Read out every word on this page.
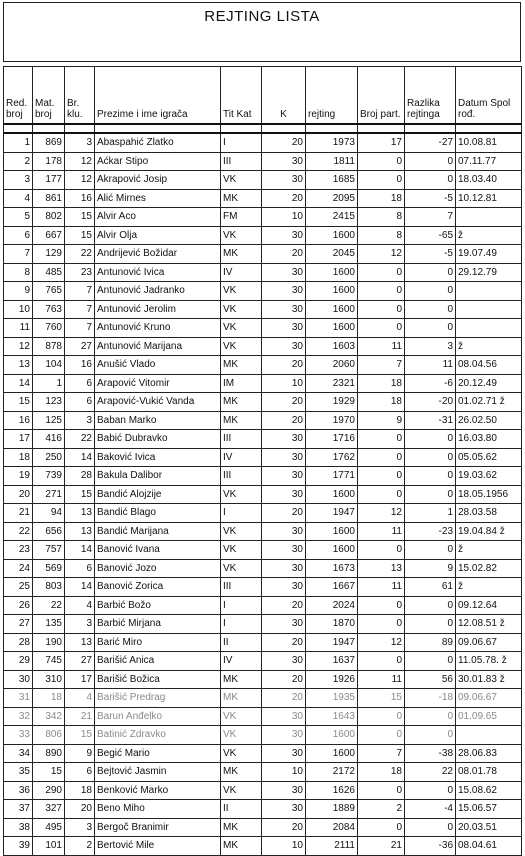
REJTING LISTA
Red. broj	Mat. broj	Br. klu.	Prezime i ime igrača	Tit Kat	K	rejting	Broj part.	Razlika rejtinga	Datum Spol rođ.

1	869	3	Abaspahić Zlatko	I	20	1973	17	-27	10.08.81
2	178	12	Aćkar Stipo	III	30	1811	0	0	07.11.77
3	177	12	Akrapović Josip	VK	30	1685	0	0	18.03.40
4	861	16	Alić Mirnes	MK	20	2095	18	-5	10.12.81
5	802	15	Alvir Aco	FM	10	2415	8	7	
6	667	15	Alvir Olja	VK	30	1600	8	-65	ž
7	129	22	Andrijević Božidar	MK	20	2045	12	-5	19.07.49
8	485	23	Antunović Ivica	IV	30	1600	0	0	29.12.79
9	765	7	Antunović Jadranko	VK	30	1600	0	0	
10	763	7	Antunović Jerolim	VK	30	1600	0	0	
11	760	7	Antunović Kruno	VK	30	1600	0	0	
12	878	27	Antunović Marijana	VK	30	1603	11	3	ž
13	104	16	Anušić Vlado	MK	20	2060	7	11	08.04.56
14	1	6	Arapović Vitomir	IM	10	2321	18	-6	20.12.49
15	123	6	Arapović-Vukić Vanda	MK	20	1929	18	-20	01.02.71 ž
16	125	3	Baban Marko	MK	20	1970	9	-31	26.02.50
17	416	22	Babić Dubravko	III	30	1716	0	0	16.03.80
18	250	14	Baković Ivica	IV	30	1762	0	0	05.05.62
19	739	28	Bakula Dalibor	III	30	1771	0	0	19.03.62
20	271	15	Bandić Alojzije	VK	30	1600	0	0	18.05.1956
21	94	13	Bandić Blago	I	20	1947	12	1	28.03.58
22	656	13	Bandić Marijana	VK	30	1600	11	-23	19.04.84 ž
23	757	14	Banović Ivana	VK	30	1600	0	0	ž
24	569	6	Banović Jozo	VK	30	1673	13	9	15.02.82
25	803	14	Banović Zorica	III	30	1667	11	61	ž
26	22	4	Barbić Božo	I	20	2024	0	0	09.12.64
27	135	3	Barbić Mirjana	I	30	1870	0	0	12.08.51 ž
28	190	13	Barić Miro	II	20	1947	12	89	09.06.67
29	745	27	Barišić Anica	IV	30	1637	0	0	11.05.78. ž
30	310	17	Barišić Božica	MK	20	1926	11	56	30.01.83 ž
31	18	4	Barišić Predrag	MK	20	1935	15	-18	09.06.67
32	342	21	Barun Anđelko	VK	30	1643	0	0	01.09.65
33	806	15	Batinić Zdravko	VK	30	1600	0	0	
34	890	9	Begić Mario	VK	30	1600	7	-38	28.06.83
35	15	6	Bejtović Jasmin	MK	10	2172	18	22	08.01.78
36	290	18	Benković Marko	VK	30	1626	0	0	15.08.62
37	327	20	Beno Miho	II	30	1889	2	-4	15.06.57
38	495	3	Bergoč Branimir	MK	20	2084	0	0	20.03.51
39	101	2	Bertović Mile	MK	10	2111	21	-36	08.04.61
